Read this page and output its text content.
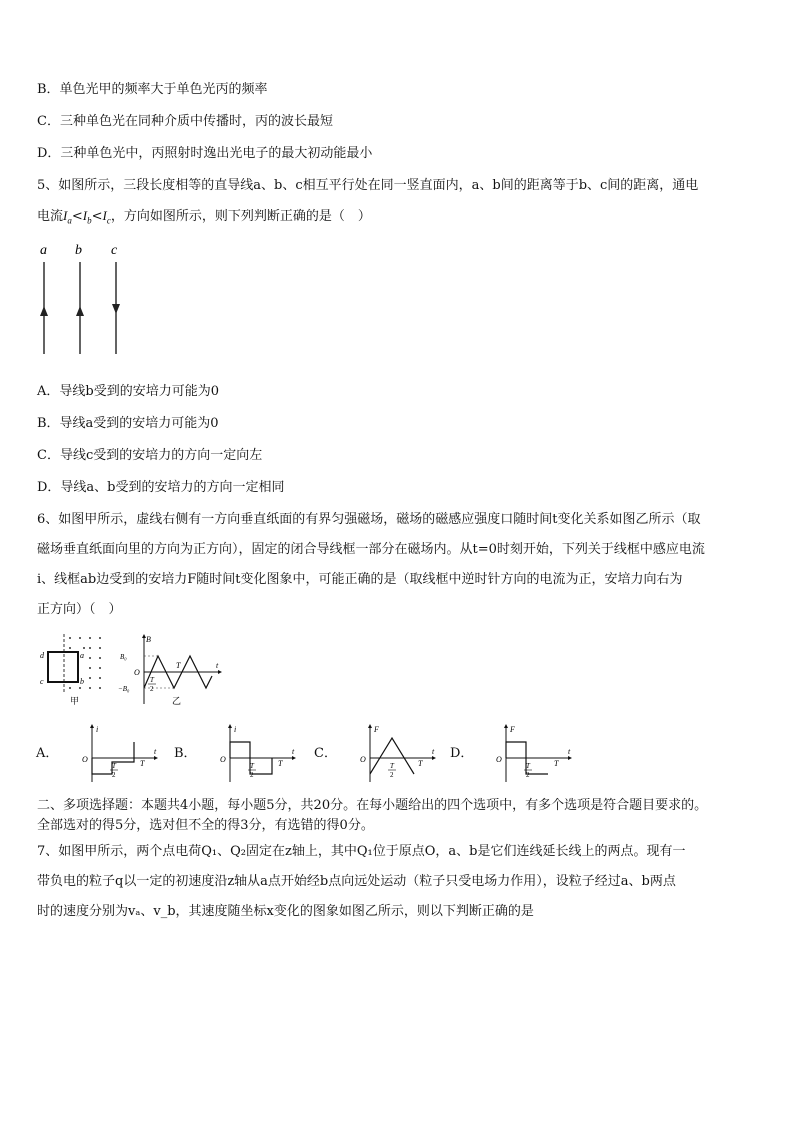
B．单色光甲的频率大于单色光丙的频率
C．三种单色光在同种介质中传播时，丙的波长最短
D．三种单色光中，丙照射时逸出光电子的最大初动能最小
5、如图所示，三段长度相等的直导线a、b、c相互平行处在同一竖直面内，a、b间的距离等于b、c间的距离，通电
电流$I_a<I_b<I_c$，方向如图所示，则下列判断正确的是（　）
a b c
A．导线b受到的安培力可能为0
B．导线a受到的安培力可能为0
C．导线c受到的安培力的方向一定向左
D．导线a、b受到的安培力的方向一定相同
6、如图甲所示，虚线右侧有一方向垂直纸面的有界匀强磁场，磁场的磁感应强度口随时间t变化关系如图乙所示（取
磁场垂直纸面向里的方向为正方向），固定的闭合导线框一部分在磁场内。从t=0时刻开始，下列关于线框中感应电流
i、线框ab边受到的安培力F随时间t变化图象中，可能正确的是（取线框中逆时针方向的电流为正，安培力向右为
正方向）（　）
d	a
c	b
甲
B
B₀
−B₀
O
T
2
T	t
乙
A．
i
O
t
T
T
2
B．
i
O
t
T
T
2
C．
F
O
t
T
T
2
D．
F
O
t
T
T
2
二、多项选择题：本题共4小题，每小题5分，共20分。在每小题给出的四个选项中，有多个选项是符合题目要求的。
全部选对的得5分，选对但不全的得3分，有选错的得0分。
7、如图甲所示，两个点电荷Q₁、Q₂固定在z轴上，其中Q₁位于原点O，a、b是它们连线延长线上的两点。现有一
带负电的粒子q以一定的初速度沿z轴从a点开始经b点向远处运动（粒子只受电场力作用），设粒子经过a、b两点
时的速度分别为vₐ、v_b，其速度随坐标x变化的图象如图乙所示，则以下判断正确的是
